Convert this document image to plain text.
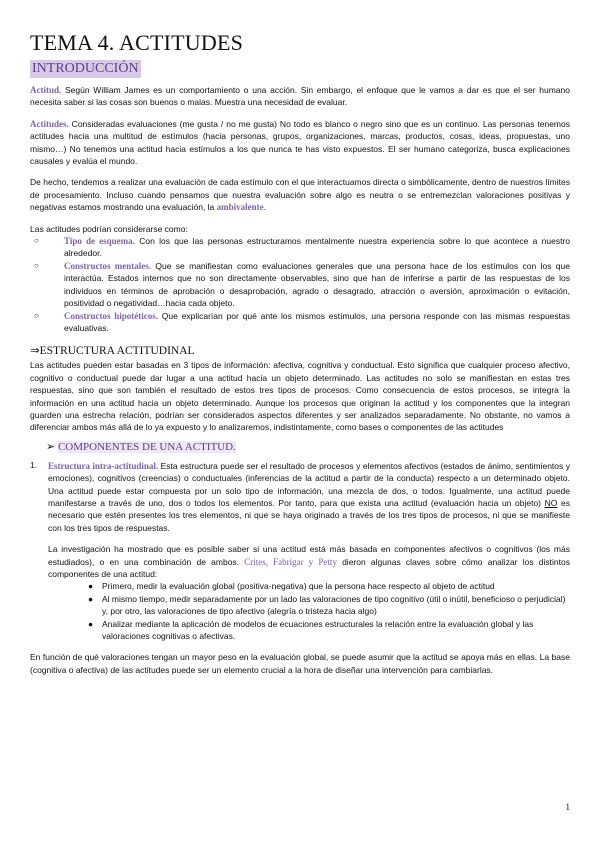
TEMA 4. ACTITUDES
INTRODUCCIÓN

Actitud. Según William James es un comportamiento o una acción. Sin embargo, el enfoque que le vamos a dar es que el ser humano necesita saber si las cosas son buenos o malas. Muestra una necesidad de evaluar.

Actitudes. Consideradas evaluaciones (me gusta / no me gusta) No todo es blanco o negro sino que es un continuo. Las personas tenemos actitudes hacia una multitud de estímulos (hacia personas, grupos, organizaciones, marcas, productos, cosas, ideas, propuestas, uno mismo…) No tenemos una actitud hacia estímulos a los que nunca te has visto expuestos. El ser humano categoriza, busca explicaciones causales y evalúa el mundo.

De hecho, tendemos a realizar una evaluación de cada estímulo con el que interactuamos directa o simbólicamente, dentro de nuestros límites de procesamiento. Incluso cuando pensamos que nuestra evaluación sobre algo es neutra o se entremezclan valoraciones positivas y negativas estamos mostrando una evaluación, la ambivalente.

Las actitudes podrían considerarse como:

○	Tipo de esquema. Con los que las personas estructuramos mentalmente nuestra experiencia sobre lo que acontece a nuestro alrededor.
○	Constructos mentales. Que se manifiestan como evaluaciones generales que una persona hace de los estímulos con los que interactúa. Estados internos que no son directamente observables, sino que han de inferirse a partir de las respuestas de los individuos en términos de aprobación o desaprobación, agrado o desagrado, atracción o aversión, aproximación o evitación, positividad o negatividad…hacia cada objeto.
○	Constructos hipotéticos. Que explicarían por qué ante los mismos estímulos, una persona responde con las mismas respuestas evaluativas.
⇒ESTRUCTURA ACTITUDINAL

Las actitudes pueden estar basadas en 3 tipos de información: afectiva, cognitiva y conductual. Esto significa que cualquier proceso afectivo, cognitivo o conductual puede dar lugar a una actitud hacia un objeto determinado. Las actitudes no solo se manifiestan en estas tres respuestas, sino que son también el resultado de estos tres tipos de procesos. Como consecuencia de estos procesos, se integra la información en una actitud hacia un objeto determinado. Aunque los procesos que originan la actitud y los componentes que la integran guarden una estrecha relación, podrían ser considerados aspectos diferentes y ser analizados separadamente. No obstante, no vamos a diferenciar ambos más allá de lo ya expuesto y lo analizaremos, indistintamente, como bases o componentes de las actitudes

➢ COMPONENTES DE UNA ACTITUD.
1. Estructura intra-actitudinal. Esta estructura puede ser el resultado de procesos y elementos afectivos (estados de ánimo, sentimientos y emociones), cognitivos (creencias) o conductuales (inferencias de la actitud a partir de la conducta) respecto a un determinado objeto. Una actitud puede estar compuesta por un solo tipo de información, una mezcla de dos, o todos. Igualmente, una actitud puede manifestarse a través de uno, dos o todos los elementos. Por tanto, para que exista una actitud (evaluación hacia un objeto) NO es necesario que estén presentes los tres elementos, ni que se haya originado a través de los tres tipos de procesos, ni que se manifieste con los tres tipos de respuestas.

La investigación ha mostrado que es posible saber si una actitud está más basada en componentes afectivos o cognitivos (los más estudiados), o en una combinación de ambos. Crites, Fabrigar y Petty dieron algunas claves sobre cómo analizar los distintos componentes de una actitud:

● Primero, medir la evaluación global (positiva-negativa) que la persona hace respecto al objeto de actitud
● Al mismo tiempo, medir separadamente por un lado las valoraciones de tipo cognitivo (útil o inútil, beneficioso o perjudicial) y, por otro, las valoraciones de tipo afectivo (alegría o tristeza hacia algo)
● Analizar mediante la aplicación de modelos de ecuaciones estructurales la relación entre la evaluación global y las valoraciones cognitivas o afectivas.

En función de qué valoraciones tengan un mayor peso en la evaluación global, se puede asumir que la actitud se apoya más en ellas. La base (cognitiva o afectiva) de las actitudes puede ser un elemento crucial a la hora de diseñar una intervención para cambiarlas.

1
